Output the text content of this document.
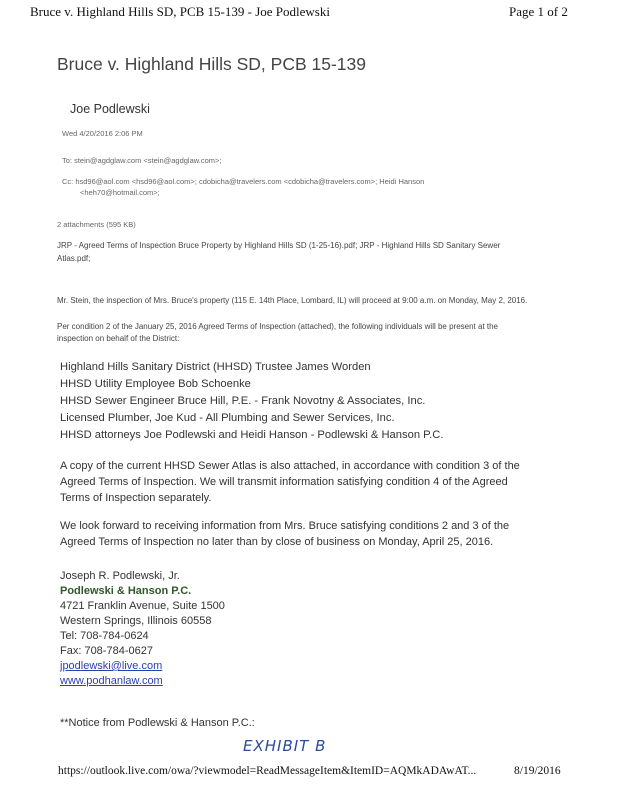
Bruce v. Highland Hills SD, PCB 15-139 - Joe Podlewski	Page 1 of 2
Bruce v. Highland Hills SD, PCB 15-139
Joe Podlewski
Wed 4/20/2016 2:06 PM
To: stein@agdglaw.com <stein@agdglaw.com>;
Cc: hsd96@aol.com <hsd96@aol.com>; cdobicha@travelers.com <cdobicha@travelers.com>; Heidi Hanson
<heh70@hotmail.com>;
2 attachments (595 KB)
JRP - Agreed Terms of Inspection Bruce Property by Highland Hills SD (1-25-16).pdf; JRP - Highland Hills SD Sanitary Sewer
Atlas.pdf;
Mr. Stein, the inspection of Mrs. Bruce's property (115 E. 14th Place, Lombard, IL) will proceed at 9:00 a.m. on Monday, May 2, 2016.
Per condition 2 of the January 25, 2016 Agreed Terms of Inspection (attached), the following individuals will be present at the
inspection on behalf of the District:
Highland Hills Sanitary District (HHSD) Trustee James Worden
HHSD Utility Employee Bob Schoenke
HHSD Sewer Engineer Bruce Hill, P.E. - Frank Novotny & Associates, Inc.
Licensed Plumber, Joe Kud - All Plumbing and Sewer Services, Inc.
HHSD attorneys Joe Podlewski and Heidi Hanson - Podlewski & Hanson P.C.
A copy of the current HHSD Sewer Atlas is also attached, in accordance with condition 3 of the
Agreed Terms of Inspection. We will transmit information satisfying condition 4 of the Agreed
Terms of Inspection separately.
We look forward to receiving information from Mrs. Bruce satisfying conditions 2 and 3 of the
Agreed Terms of Inspection no later than by close of business on Monday, April 25, 2016.
Joseph R. Podlewski, Jr.
Podlewski & Hanson P.C.
4721 Franklin Avenue, Suite 1500
Western Springs, Illinois 60558
Tel: 708-784-0624
Fax: 708-784-0627
jpodlewski@live.com
www.podhanlaw.com
**Notice from Podlewski & Hanson P.C.:
EXHIBIT B
https://outlook.live.com/owa/?viewmodel=ReadMessageItem&ItemID=AQMkADAwAT...	8/19/2016
